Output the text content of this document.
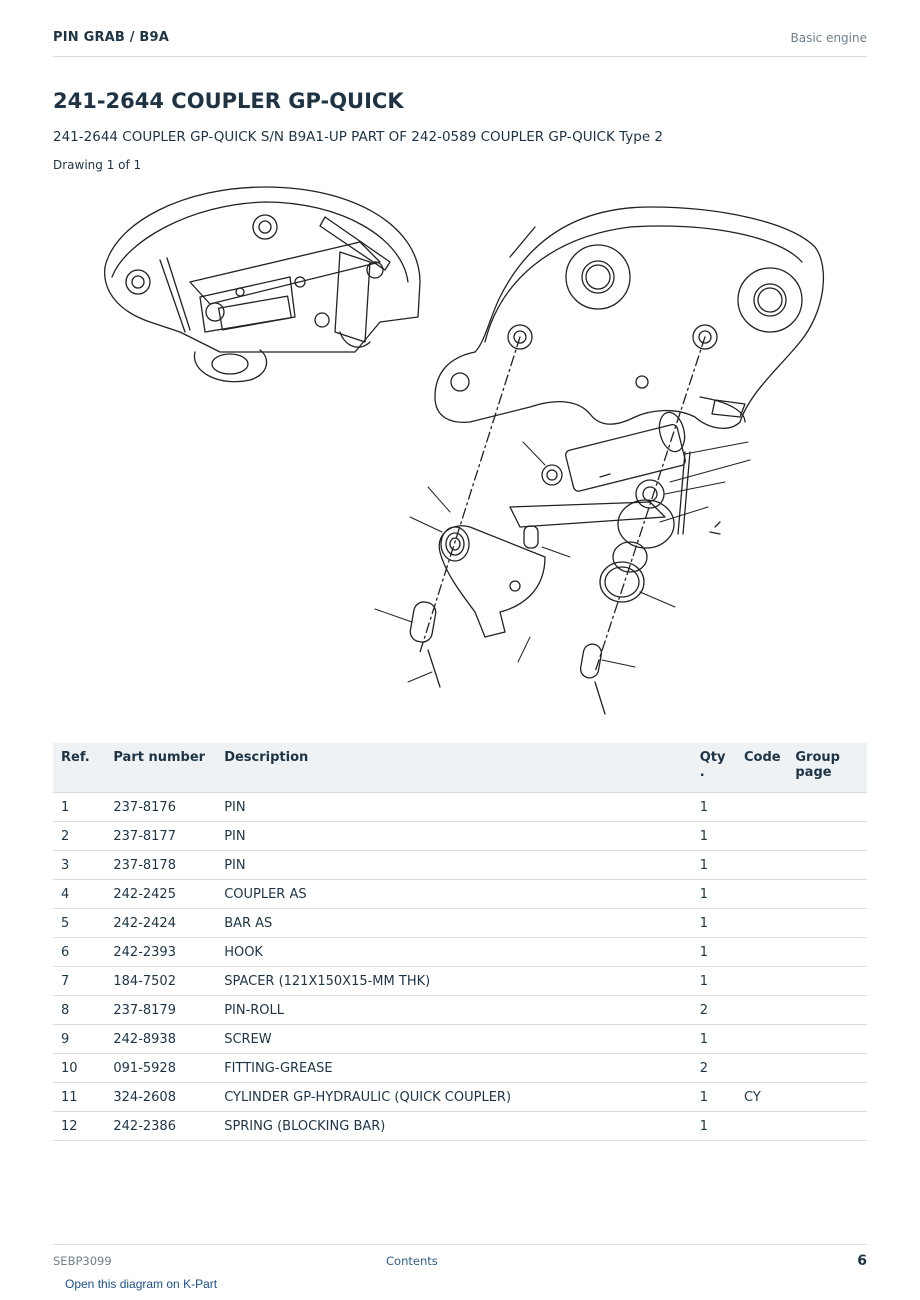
PIN GRAB / B9A	Basic engine
241-2644 COUPLER GP-QUICK
241-2644 COUPLER GP-QUICK S/N B9A1-UP PART OF 242-0589 COUPLER GP-QUICK Type 2
Drawing 1 of 1
Ref.	Part number	Description	Qty .	Code	Group page
1	237-8176	PIN	1		
2	237-8177	PIN	1		
3	237-8178	PIN	1		
4	242-2425	COUPLER AS	1		
5	242-2424	BAR AS	1		
6	242-2393	HOOK	1		
7	184-7502	SPACER (121X150X15-MM THK)	1		
8	237-8179	PIN-ROLL	2		
9	242-8938	SCREW	1		
10	091-5928	FITTING-GREASE	2		
11	324-2608	CYLINDER GP-HYDRAULIC (QUICK COUPLER)	1	CY	
12	242-2386	SPRING (BLOCKING BAR)	1		
SEBP3099	Contents	6
Open this diagram on K-Part
